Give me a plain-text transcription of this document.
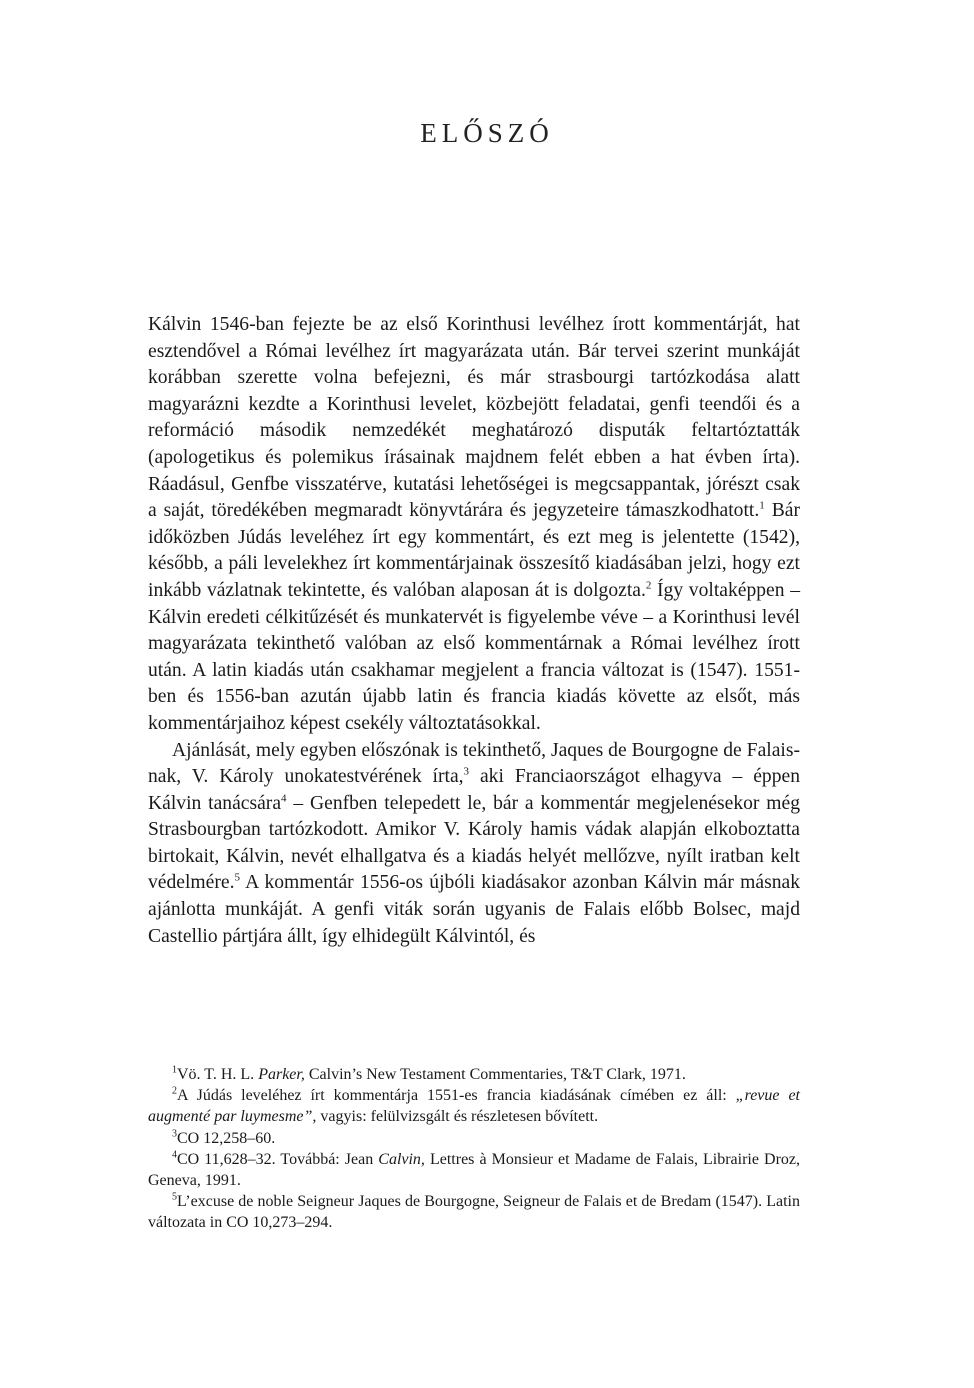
ELŐSZÓ

Kálvin 1546-ban fejezte be az első Korinthusi levélhez írott kommentárját, hat esztendővel a Római levélhez írt magyarázata után. Bár tervei szerint munkáját korábban szerette volna befejezni, és már strasbourgi tartózkodása alatt magyarázni kezdte a Korinthusi levelet, közbejött feladatai, genfi teendői és a reformáció második nemzedékét meghatározó disputák feltartóztatták (apologetikus és polemikus írásainak majdnem felét ebben a hat évben írta). Ráadásul, Genfbe visszatérve, kutatási lehetőségei is megcsappantak, jórészt csak a saját, töredékében megmaradt könyvtárára és jegyzeteire támaszkodhatott.$^1$ Bár időközben Júdás leveléhez írt egy kommentárt, és ezt meg is jelentette (1542), később, a páli levelekhez írt kommentárjainak összesítő kiadásában jelzi, hogy ezt inkább vázlatnak tekintette, és valóban alaposan át is dolgozta.$^2$ Így voltaképpen – Kálvin eredeti célkitűzését és munkatervét is figyelembe véve – a Korinthusi levél magyarázata tekinthető valóban az első kommentárnak a Római levélhez írott után. A latin kiadás után csakhamar megjelent a francia változat is (1547). 1551-ben és 1556-ban azután újabb latin és francia kiadás követte az elsőt, más kommentárjaihoz képest csekély változtatásokkal.

Ajánlását, mely egyben előszónak is tekinthető, Jaques de Bourgogne de Falais-nak, V. Károly unokatestvérének írta,$^3$ aki Franciaországot elhagyva – éppen Kálvin tanácsára$^4$ – Genfben telepedett le, bár a kommentár megjelenésekor még Strasbourgban tartózkodott. Amikor V. Károly hamis vádak alapján elkoboztatta birtokait, Kálvin, nevét elhallgatva és a kiadás helyét mellőzve, nyílt iratban kelt védelmére.$^5$ A kommentár 1556-os újbóli kiadásakor azonban Kálvin már másnak ajánlotta munkáját. A genfi viták során ugyanis de Falais előbb Bolsec, majd Castellio pártjára állt, így elhidegült Kálvintól, és

$^1$Vö. T. H. L. Parker, Calvin’s New Testament Commentaries, T&T Clark, 1971.

$^2$A Júdás leveléhez írt kommentárja 1551-es francia kiadásának címében ez áll: „revue et augmenté par luymesme”, vagyis: felülvizsgált és részletesen bővített.

$^3$CO 12,258–60.

$^4$CO 11,628–32. Továbbá: Jean Calvin, Lettres à Monsieur et Madame de Falais, Librairie Droz, Geneva, 1991.

$^5$L’excuse de noble Seigneur Jaques de Bourgogne, Seigneur de Falais et de Bredam (1547). Latin változata in CO 10,273–294.
